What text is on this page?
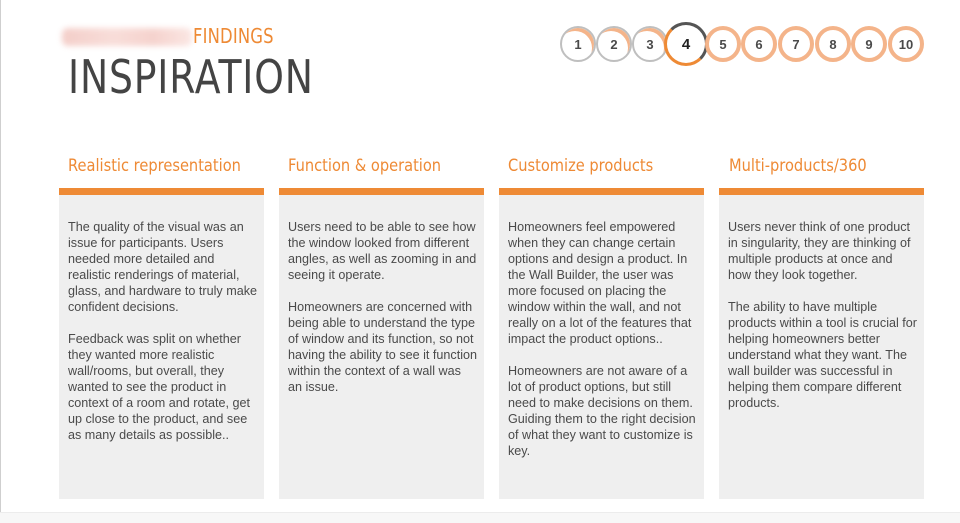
FINDINGS
INSPIRATION
1 2 3 4 5 6 7 8 9 10
Realistic representation

The quality of the visual was an issue for participants. Users needed more detailed and realistic renderings of material, glass, and hardware to truly make confident decisions.

Feedback was split on whether they wanted more realistic wall/rooms, but overall, they wanted to see the product in context of a room and rotate, get up close to the product, and see as many details as possible..

Function & operation

Users need to be able to see how the window looked from different angles, as well as zooming in and seeing it operate.

Homeowners are concerned with being able to understand the type of window and its function, so not having the ability to see it function within the context of a wall was an issue.

Customize products

Homeowners feel empowered when they can change certain options and design a product. In the Wall Builder, the user was more focused on placing the window within the wall, and not really on a lot of the features that impact the product options..

Homeowners are not aware of a lot of product options, but still need to make decisions on them. Guiding them to the right decision of what they want to customize is key.

Multi-products/360

Users never think of one product in singularity, they are thinking of multiple products at once and how they look together.

The ability to have multiple products within a tool is crucial for helping homeowners better understand what they want. The wall builder was successful in helping them compare different products.
